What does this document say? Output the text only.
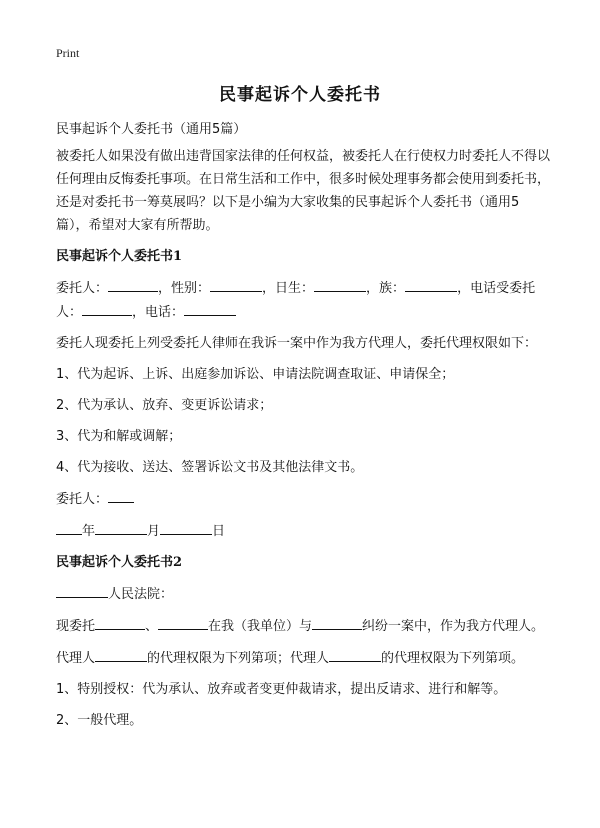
Print
民事起诉个人委托书

民事起诉个人委托书（通用5篇）

被委托人如果没有做出违背国家法律的任何权益，被委托人在行使权力时委托人不得以任何理由反悔委托事项。在日常生活和工作中，很多时候处理事务都会使用到委托书，还是对委托书一筹莫展吗？以下是小编为大家收集的民事起诉个人委托书（通用5篇），希望对大家有所帮助。

民事起诉个人委托书1

委托人：	，性别：	，日生：	，族：	，电话受委托人：	，电话：

委托人现委托上列受委托人律师在我诉一案中作为我方代理人，委托代理权限如下：

1、代为起诉、上诉、出庭参加诉讼、申请法院调查取证、申请保全；

2、代为承认、放弃、变更诉讼请求；

3、代为和解或调解；

4、代为接收、送达、签署诉讼文书及其他法律文书。

委托人：

年	月	日

民事起诉个人委托书2

人民法院：

现委托	、	在我（我单位）与	纠纷一案中，作为我方代理人。

代理人	的代理权限为下列第项；代理人	的代理权限为下列第项。

1、特别授权：代为承认、放弃或者变更仲裁请求，提出反请求、进行和解等。

2、一般代理。
